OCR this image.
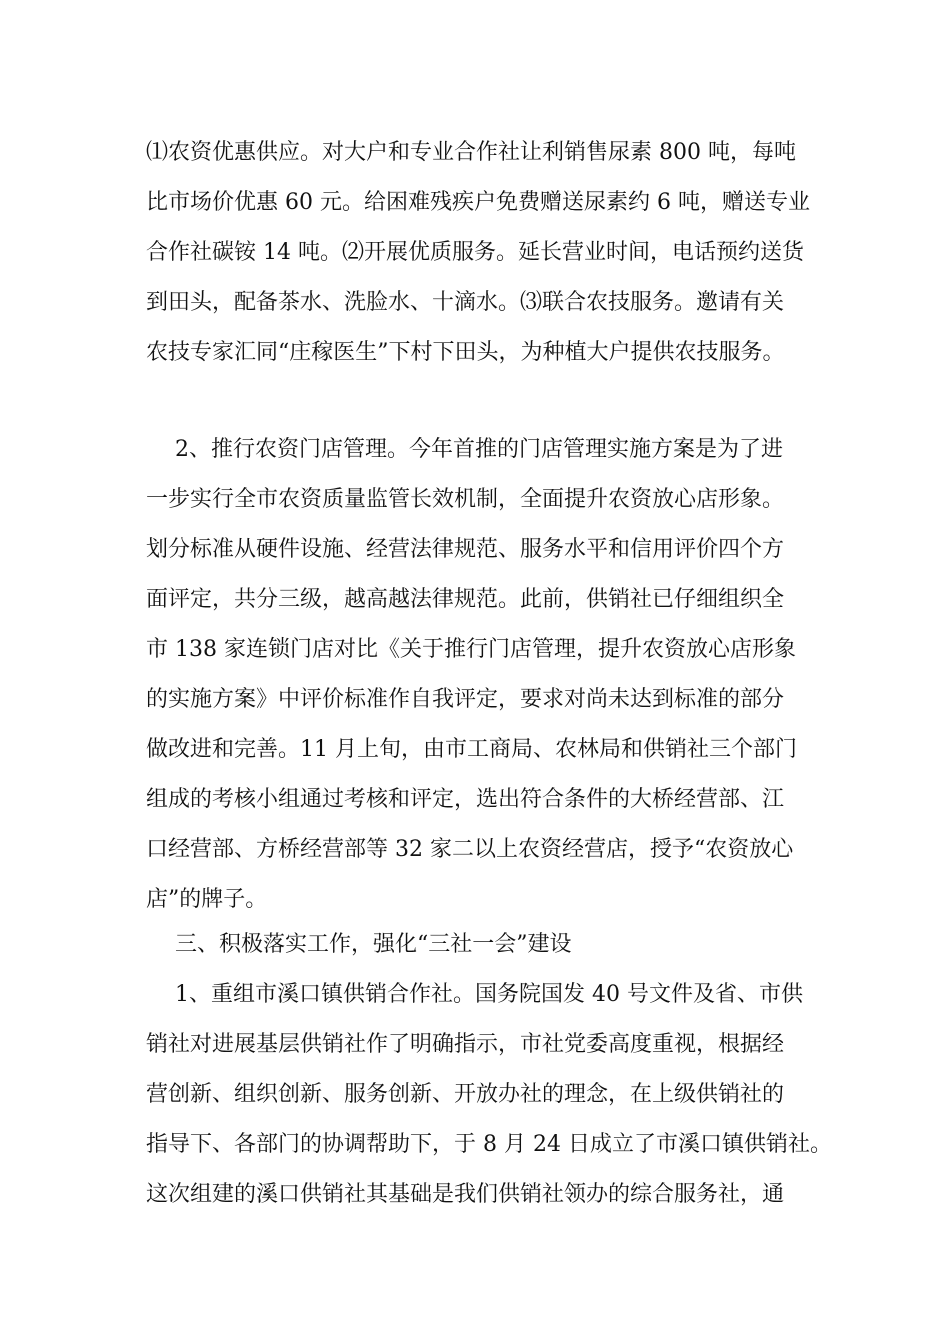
⑴农资优惠供应。对大户和专业合作社让利销售尿素 800 吨，每吨
比市场价优惠 60 元。给困难残疾户免费赠送尿素约 6 吨，赠送专业
合作社碳铵 14 吨。⑵开展优质服务。延长营业时间，电话预约送货
到田头，配备茶水、洗脸水、十滴水。⑶联合农技服务。邀请有关
农技专家汇同“庄稼医生”下村下田头，为种植大户提供农技服务。
　 2、推行农资门店管理。今年首推的门店管理实施方案是为了进
一步实行全市农资质量监管长效机制，全面提升农资放心店形象。
划分标准从硬件设施、经营法律规范、服务水平和信用评价四个方
面评定，共分三级，越高越法律规范。此前，供销社已仔细组织全
市 138 家连锁门店对比《关于推行门店管理，提升农资放心店形象
的实施方案》中评价标准作自我评定，要求对尚未达到标准的部分
做改进和完善。11 月上旬，由市工商局、农林局和供销社三个部门
组成的考核小组通过考核和评定，选出符合条件的大桥经营部、江
口经营部、方桥经营部等 32 家二以上农资经营店，授予“农资放心
店”的牌子。
　 三、积极落实工作，强化“三社一会”建设
　 1、重组市溪口镇供销合作社。国务院国发 40 号文件及省、市供
销社对进展基层供销社作了明确指示，市社党委高度重视，根据经
营创新、组织创新、服务创新、开放办社的理念，在上级供销社的
指导下、各部门的协调帮助下，于 8 月 24 日成立了市溪口镇供销社。
这次组建的溪口供销社其基础是我们供销社领办的综合服务社，通
